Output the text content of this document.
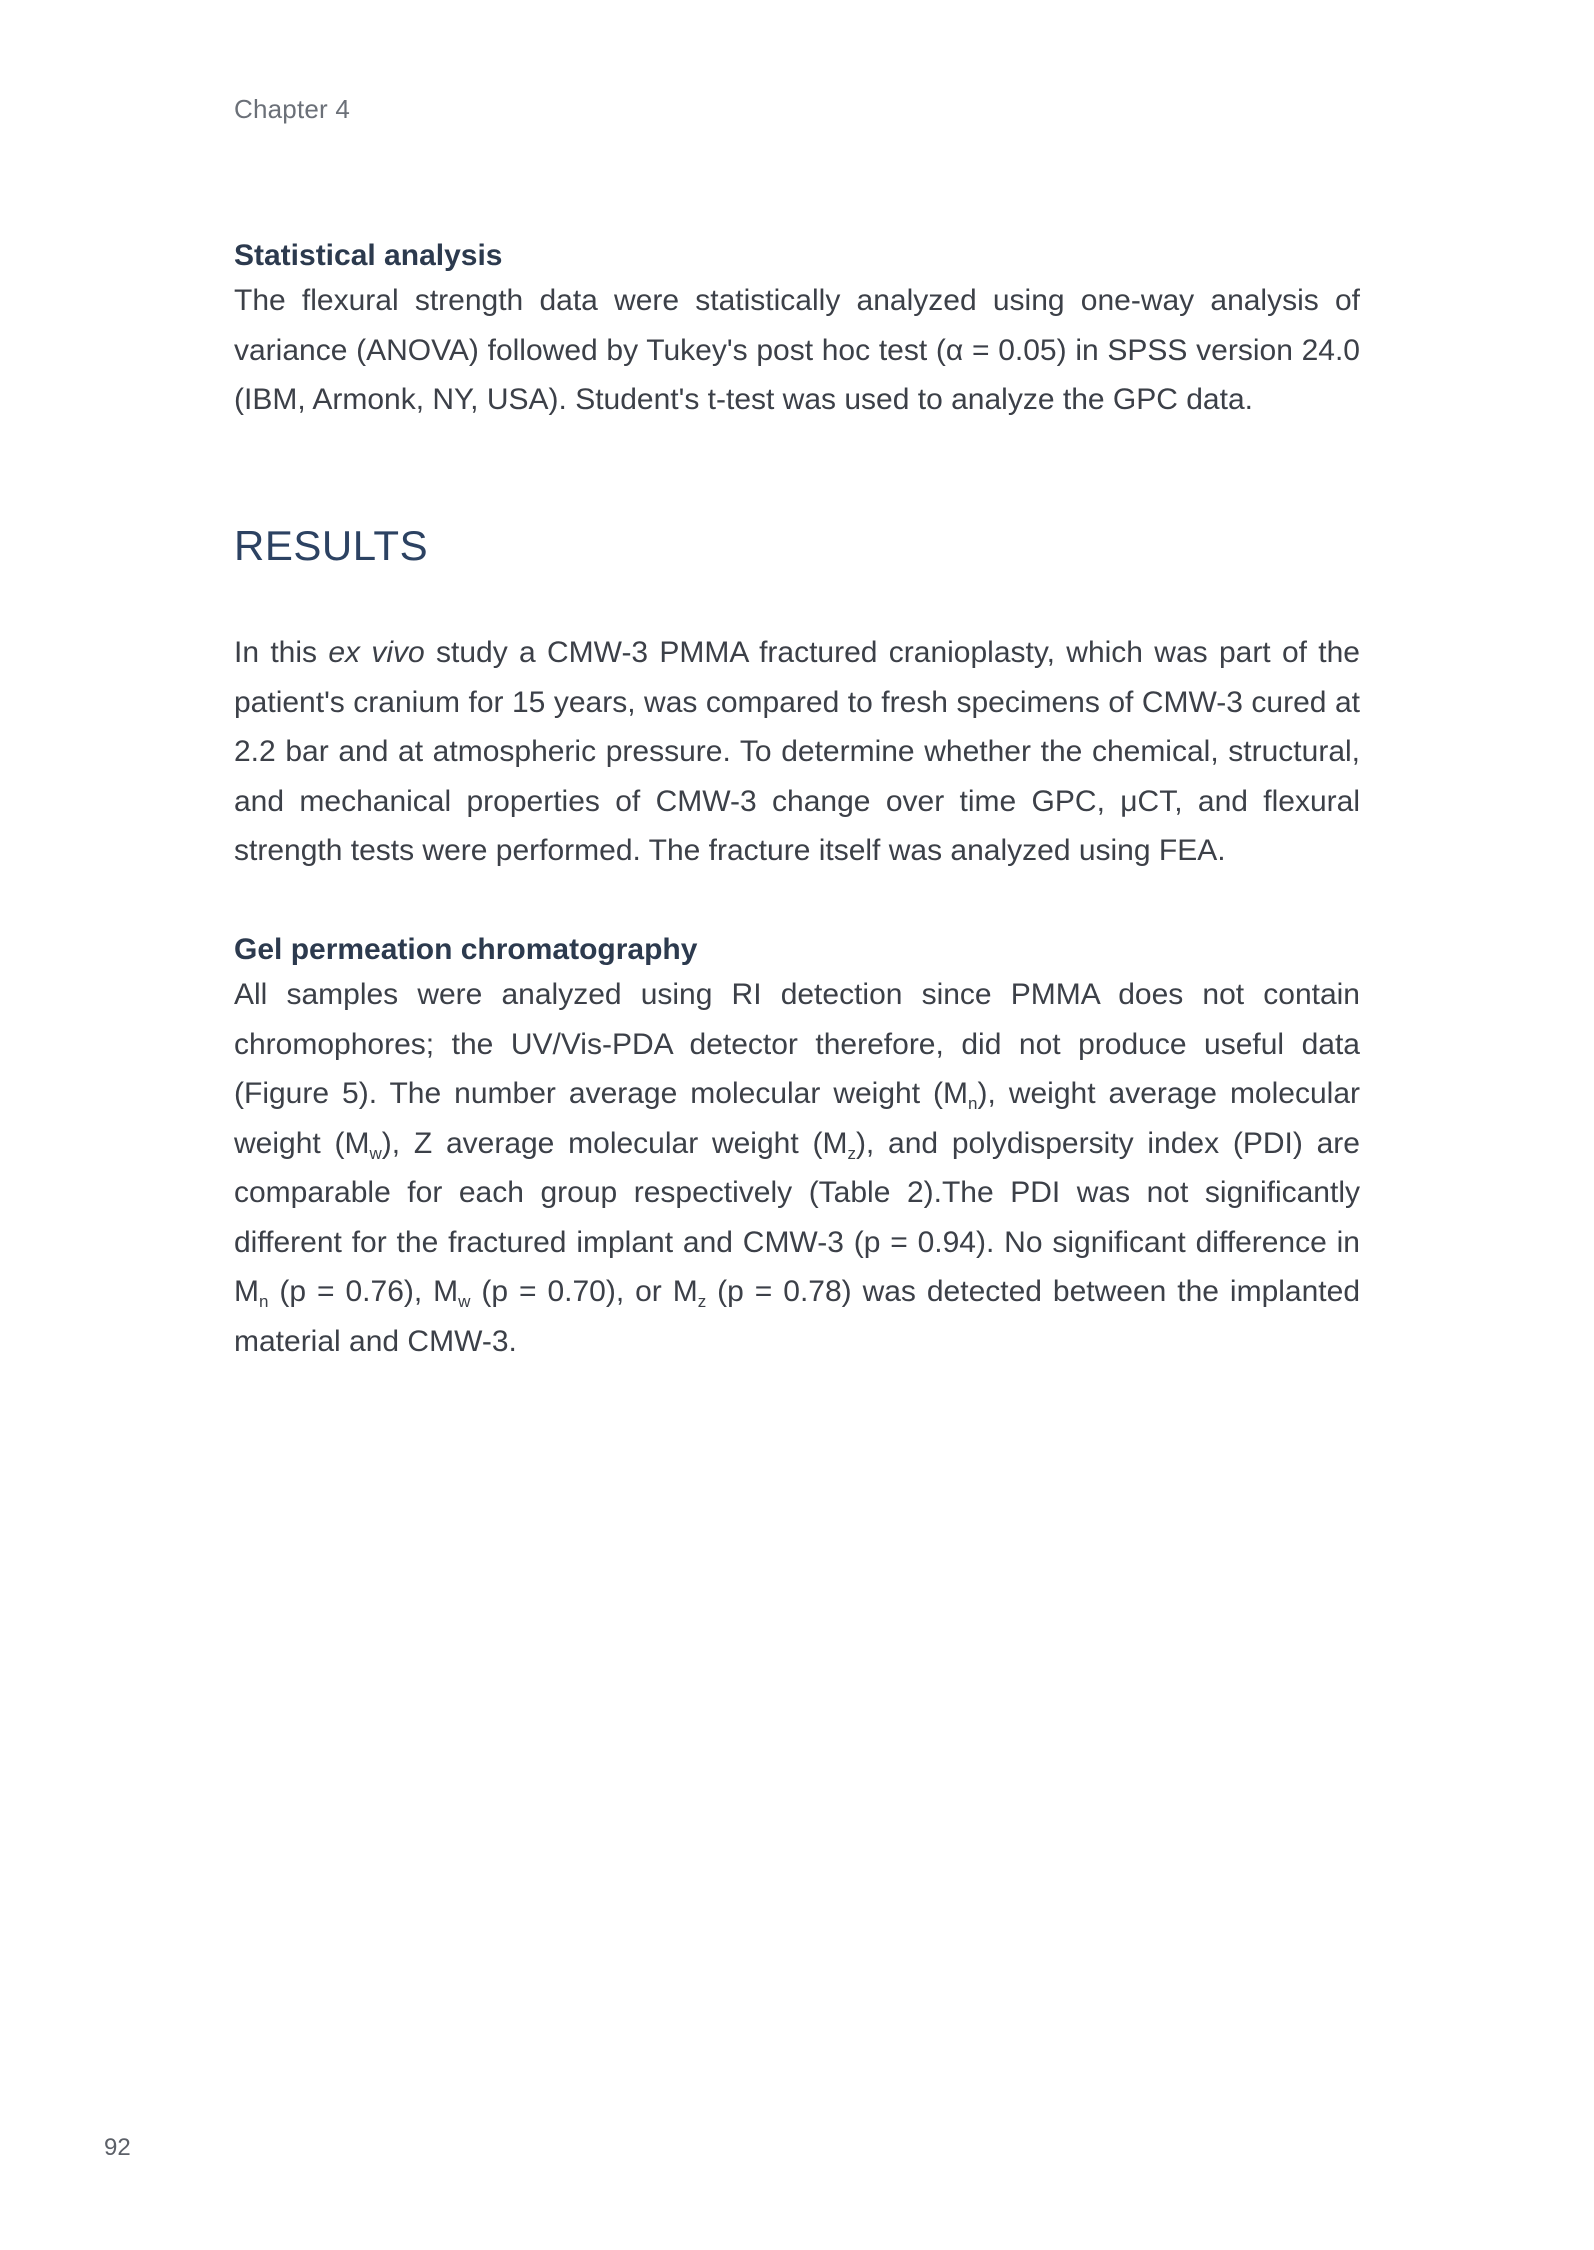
Chapter 4
Statistical analysis

The flexural strength data were statistically analyzed using one-way analysis of variance (ANOVA) followed by Tukey's post hoc test (α = 0.05) in SPSS version 24.0 (IBM, Armonk, NY, USA). Student's t-test was used to analyze the GPC data.

RESULTS

In this ex vivo study a CMW-3 PMMA fractured cranioplasty, which was part of the patient's cranium for 15 years, was compared to fresh specimens of CMW-3 cured at 2.2 bar and at atmospheric pressure. To determine whether the chemical, structural, and mechanical properties of CMW-3 change over time GPC, μCT, and flexural strength tests were performed. The fracture itself was analyzed using FEA.

Gel permeation chromatography

All samples were analyzed using RI detection since PMMA does not contain chromophores; the UV/Vis-PDA detector therefore, did not produce useful data (Figure 5). The number average molecular weight $(M_n)$, weight average molecular weight $(M_w)$, Z average molecular weight $(M_z)$, and polydispersity index (PDI) are comparable for each group respectively (Table 2).The PDI was not significantly different for the fractured implant and CMW-3 (p = 0.94). No significant difference in $M_n$ (p = 0.76), $M_w$ (p = 0.70), or $M_z$ (p = 0.78) was detected between the implanted material and CMW-3.

92
